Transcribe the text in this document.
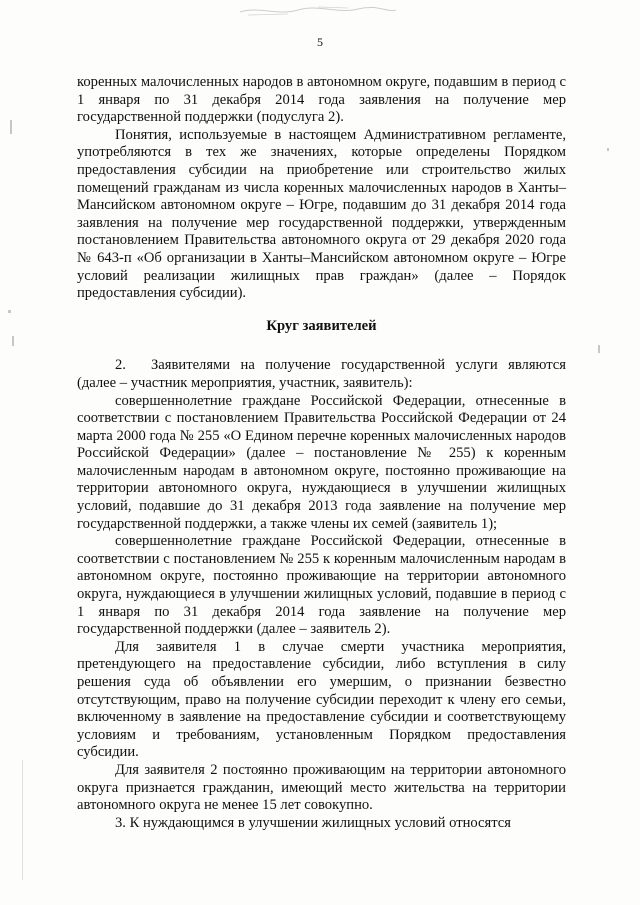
5

коренных малочисленных народов в автономном округе, подавшим в период с 1 января по 31 декабря 2014 года заявления на получение мер государственной поддержки (подуслуга 2).

Понятия, используемые в настоящем Административном регламенте, употребляются в тех же значениях, которые определены Порядком предоставления субсидии на приобретение или строительство жилых помещений гражданам из числа коренных малочисленных народов в Ханты–Мансийском автономном округе – Югре, подавшим до 31 декабря 2014 года заявления на получение мер государственной поддержки, утвержденным постановлением Правительства автономного округа от 29 декабря 2020 года № 643-п «Об организации в Ханты–Мансийском автономном округе – Югре условий реализации жилищных прав граждан» (далее – Порядок предоставления субсидии).

Круг заявителей

2. Заявителями на получение государственной услуги являются (далее – участник мероприятия, участник, заявитель):

совершеннолетние граждане Российской Федерации, отнесенные в соответствии с постановлением Правительства Российской Федерации от 24 марта 2000 года № 255 «О Едином перечне коренных малочисленных народов Российской Федерации» (далее – постановление № 255) к коренным малочисленным народам в автономном округе, постоянно проживающие на территории автономного округа, нуждающиеся в улучшении жилищных условий, подавшие до 31 декабря 2013 года заявление на получение мер государственной поддержки, а также члены их семей (заявитель 1);

совершеннолетние граждане Российской Федерации, отнесенные в соответствии с постановлением № 255 к коренным малочисленным народам в автономном округе, постоянно проживающие на территории автономного округа, нуждающиеся в улучшении жилищных условий, подавшие в период с 1 января по 31 декабря 2014 года заявление на получение мер государственной поддержки (далее – заявитель 2).

Для заявителя 1 в случае смерти участника мероприятия, претендующего на предоставление субсидии, либо вступления в силу решения суда об объявлении его умершим, о признании безвестно отсутствующим, право на получение субсидии переходит к члену его семьи, включенному в заявление на предоставление субсидии и соответствующему условиям и требованиям, установленным Порядком предоставления субсидии.

Для заявителя 2 постоянно проживающим на территории автономного округа признается гражданин, имеющий место жительства на территории автономного округа не менее 15 лет совокупно.

3. К нуждающимся в улучшении жилищных условий относятся
